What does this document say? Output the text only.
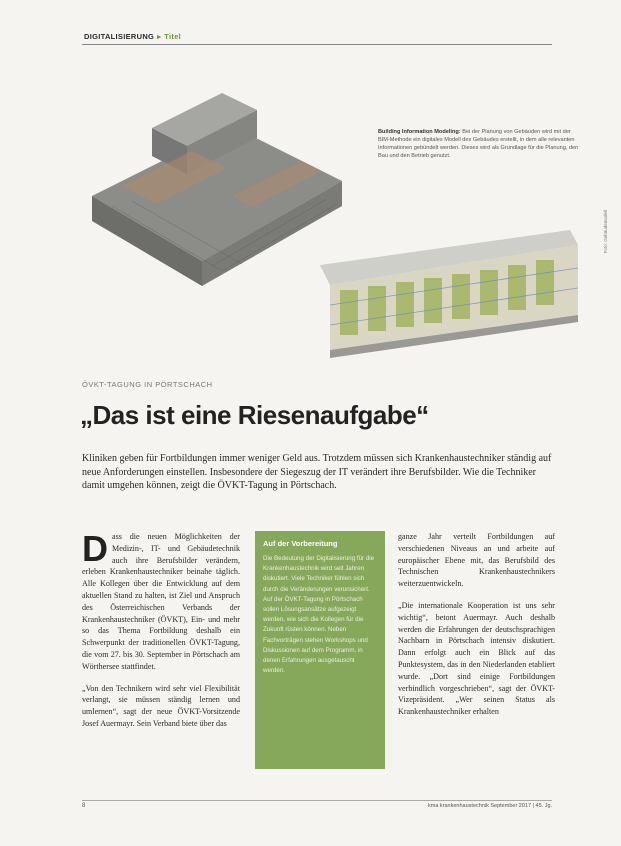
DIGITALISIERUNG ▸ Titel
Building Information Modeling: Bei der Planung von Gebäuden wird mit der BIM-Methode ein digitales Modell des Gebäudes erstellt, in dem alle relevanten Informationen gebündelt werden. Dieses wird als Grundlage für die Planung, den Bau und den Betrieb genutzt.
Foto: Gebäudemodell
ÖVKT-TAGUNG IN PÖRTSCHACH
„Das ist eine Riesenaufgabe“
Kliniken geben für Fortbildungen immer weniger Geld aus. Trotzdem müssen sich Krankenhaustechniker ständig auf neue Anforderungen einstellen. Insbesondere der Siegeszug der IT verändert ihre Berufsbilder. Wie die Techniker damit umgehen können, zeigt die ÖVKT-Tagung in Pörtschach.
D ass die neuen Möglichkeiten der Medizin-, IT- und Gebäudetechnik auch ihre Berufsbilder verändern, erleben Krankenhaustechniker beinahe täglich. Alle Kollegen über die Entwicklung auf dem aktuellen Stand zu halten, ist Ziel und Anspruch des Österreichischen Verbands der Krankenhaustechniker (ÖVKT), Ein- und mehr so das Thema Fortbildung deshalb ein Schwerpunkt der traditionellen ÖVKT-Tagung, die vom 27. bis 30. September in Pörtschach am Wörthersee stattfindet.

„Von den Technikern wird sehr viel Flexibilität verlangt, sie müssen ständig lernen und umlernen“, sagt der neue ÖVKT-Vorsitzende Josef Auermayr. Sein Verband biete über das

Auf der Vorbereitung
Die Bedeutung der Digitalisierung für die Krankenhaustechnik wird seit Jahren diskutiert. Viele Techniker fühlen sich durch die Veränderungen verunsichert. Auf der ÖVKT-Tagung in Pörtschach sollen Lösungsansätze aufgezeigt werden, wie sich die Kollegen für die Zukunft rüsten können. Neben Fachvorträgen stehen Workshops und Diskussionen auf dem Programm, in denen Erfahrungen ausgetauscht werden.

ganze Jahr verteilt Fortbildungen auf verschiedenen Niveaus an und arbeite auf europäischer Ebene mit, das Berufsbild des Technischen Krankenhaustechnikers weiterzuentwickeln.

„Die internationale Kooperation ist uns sehr wichtig“, betont Auermayr. Auch deshalb werden die Erfahrungen der deutschsprachigen Nachbarn in Pörtschach intensiv diskutiert. Dann erfolgt auch ein Blick auf das Punktesystem, das in den Niederlanden etabliert wurde. „Dort sind einige Fortbildungen verbindlich vorgeschrieben“, sagt der ÖVKT-Vizepräsident. „Wer seinen Status als Krankenhaustechniker erhalten

8	kma krankenhaustechnik September 2017 | 45. Jg.
